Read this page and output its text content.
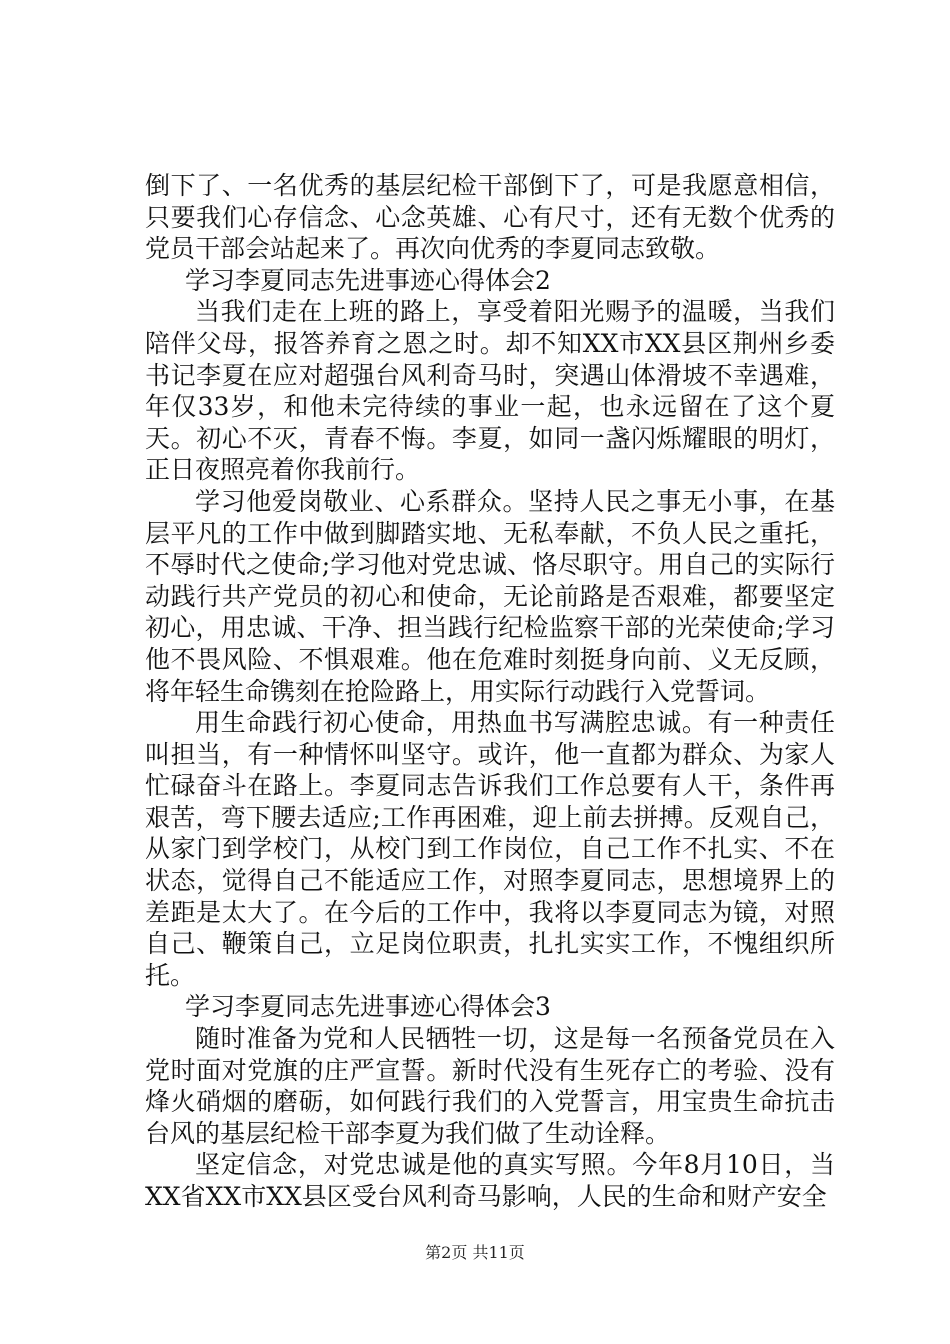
倒下了、一名优秀的基层纪检干部倒下了，可是我愿意相信，只要我们心存信念、心念英雄、心有尺寸，还有无数个优秀的党员干部会站起来了。再次向优秀的李夏同志致敬。

学习李夏同志先进事迹心得体会2

当我们走在上班的路上，享受着阳光赐予的温暖，当我们陪伴父母，报答养育之恩之时。却不知XX市XX县区荆州乡委书记李夏在应对超强台风利奇马时，突遇山体滑坡不幸遇难，年仅33岁，和他未完待续的事业一起，也永远留在了这个夏天。初心不灭，青春不悔。李夏，如同一盏闪烁耀眼的明灯，正日夜照亮着你我前行。

学习他爱岗敬业、心系群众。坚持人民之事无小事，在基层平凡的工作中做到脚踏实地、无私奉献，不负人民之重托，不辱时代之使命;学习他对党忠诚、恪尽职守。用自己的实际行动践行共产党员的初心和使命，无论前路是否艰难，都要坚定初心，用忠诚、干净、担当践行纪检监察干部的光荣使命;学习他不畏风险、不惧艰难。他在危难时刻挺身向前、义无反顾，将年轻生命镌刻在抢险路上，用实际行动践行入党誓词。

用生命践行初心使命，用热血书写满腔忠诚。有一种责任叫担当，有一种情怀叫坚守。或许，他一直都为群众、为家人忙碌奋斗在路上。李夏同志告诉我们工作总要有人干，条件再艰苦，弯下腰去适应;工作再困难，迎上前去拼搏。反观自己，从家门到学校门，从校门到工作岗位，自己工作不扎实、不在状态，觉得自己不能适应工作，对照李夏同志，思想境界上的差距是太大了。在今后的工作中，我将以李夏同志为镜，对照自己、鞭策自己，立足岗位职责，扎扎实实工作，不愧组织所托。

学习李夏同志先进事迹心得体会3

随时准备为党和人民牺牲一切，这是每一名预备党员在入党时面对党旗的庄严宣誓。新时代没有生死存亡的考验、没有烽火硝烟的磨砺，如何践行我们的入党誓言，用宝贵生命抗击台风的基层纪检干部李夏为我们做了生动诠释。

坚定信念，对党忠诚是他的真实写照。今年8月10日，当XX省XX市XX县区受台风利奇马影响，人民的生命和财产安全

第2页 共11页
